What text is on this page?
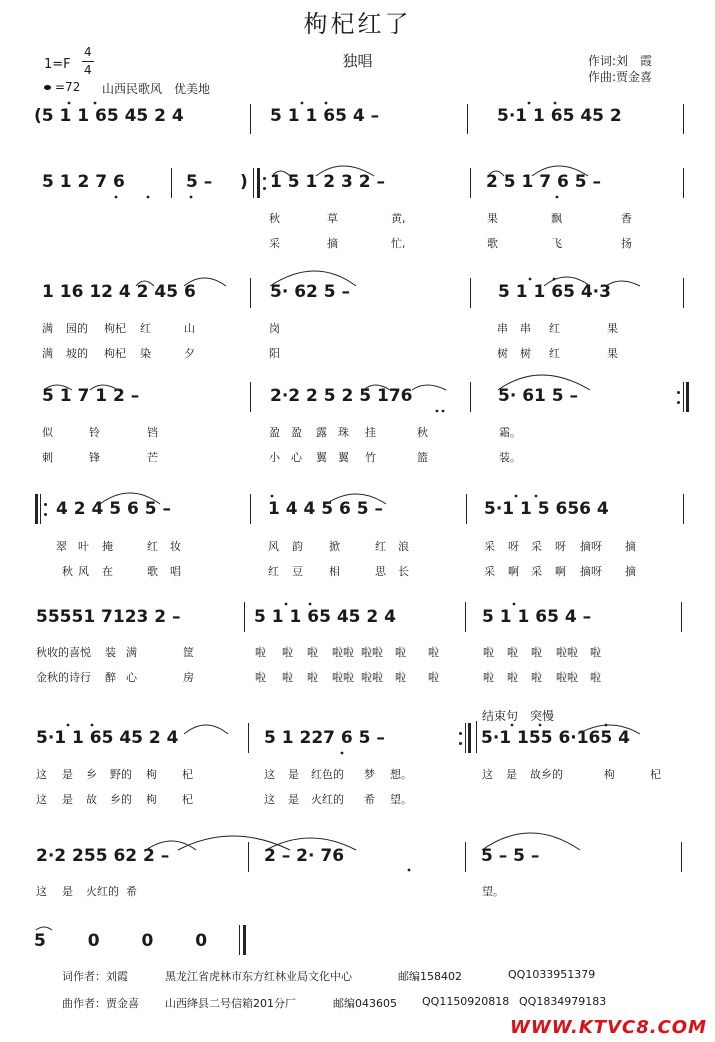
枸杞红了
独唱
1=F
4
4
=72 山西民歌风　优美地
作词:刘　霞
作曲:贾金喜
(5 1 1 65 45 2 4	5 1 1 65 4 –	5·1 1 65 45 2
5 1 2 7 6	5 – ) 1 5 1 2 3 2 –	2 5 1 7 6 5 –
秋	草	黄,	果	飘	香
采	摘	忙,	歌	飞	扬
1 16 12 4 2 45 6	5· 62 5 –	5 1 1 65 4·3
满 园的 枸杞 红	山	岗	串 串 红	果
满 坡的 枸杞 染	夕	阳	树 树 红	果
5 1 7 1 2 –	2·2 2 5 2 5 176	5· 61 5 –
似	铃	铛	盈 盈 露 珠 挂	秋	霜。
刺	锋	芒	小 心 翼 翼 竹	篮	装。
4 2 4 5 6 5 –	1 4 4 5 6 5 –	5·1 1 5 656 4
翠 叶 掩	红 妆	风 韵 掀	红 浪	采 呀 采 呀 摘呀 摘
秋 风 在	歌 唱	红 豆 相	思 长	采 啊 采 啊 摘呀 摘
55551 7123 2 –	5 1 1 65 45 2 4	5 1 1 65 4 –
秋收的喜悦 装 满	筐	啦 啦 啦 啦啦 啦啦 啦 啦	啦 啦 啦 啦啦 啦
金秋的诗行 醉 心	房	啦 啦 啦 啦啦 啦啦 啦 啦	啦 啦 啦 啦啦 啦
结束句　突慢
5·1 1 65 45 2 4	5 1 227 6 5 –	5·1 155 6·165 4
这 是 乡 野的 枸 杞	这 是 红色的 梦 想。	这 是 故乡的	枸	杞
这 是 故 乡的 枸 杞	这 是 火红的 希 望。
2·2 255 62 2 –	2 – 2· 76	5 – 5 –
这 是 火红的 希	望。
5 0 0 0
词作者：刘霞	黑龙江省虎林市东方红林业局文化中心	邮编158402	QQ1033951379
曲作者：贾金喜 山西绛县二号信箱201分厂	邮编043605 QQ1150920818 QQ1834979183
WWW.KTVC8.COM
